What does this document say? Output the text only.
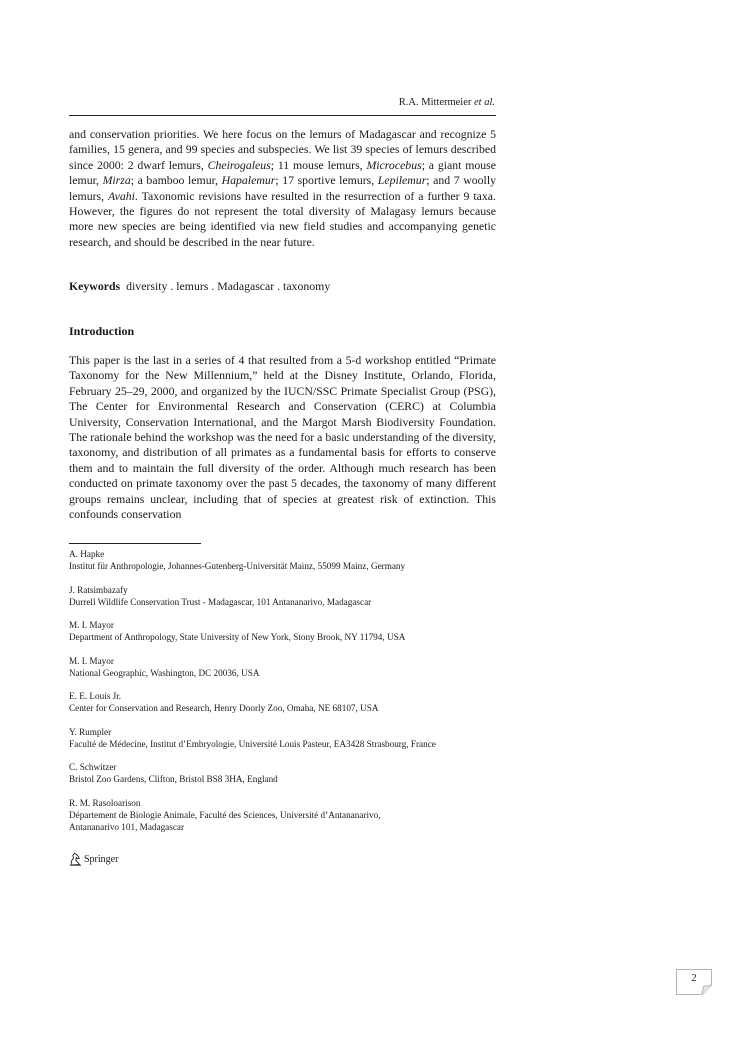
R.A. Mittermeier et al.
and conservation priorities. We here focus on the lemurs of Madagascar and recognize 5 families, 15 genera, and 99 species and subspecies. We list 39 species of lemurs described since 2000: 2 dwarf lemurs, Cheirogaleus; 11 mouse lemurs, Microcebus; a giant mouse lemur, Mirza; a bamboo lemur, Hapalemur; 17 sportive lemurs, Lepilemur; and 7 woolly lemurs, Avahi. Taxonomic revisions have resulted in the resurrection of a further 9 taxa. However, the figures do not represent the total diversity of Malagasy lemurs because more new species are being identified via new field studies and accompanying genetic research, and should be described in the near future.
Keywords diversity . lemurs . Madagascar . taxonomy
Introduction
This paper is the last in a series of 4 that resulted from a 5-d workshop entitled “Primate Taxonomy for the New Millennium,” held at the Disney Institute, Orlando, Florida, February 25–29, 2000, and organized by the IUCN/SSC Primate Specialist Group (PSG), The Center for Environmental Research and Conservation (CERC) at Columbia University, Conservation International, and the Margot Marsh Biodiversity Foundation. The rationale behind the workshop was the need for a basic understanding of the diversity, taxonomy, and distribution of all primates as a fundamental basis for efforts to conserve them and to maintain the full diversity of the order. Although much research has been conducted on primate taxonomy over the past 5 decades, the taxonomy of many different groups remains unclear, including that of species at greatest risk of extinction. This confounds conservation
A. Hapke
Institut für Anthropologie, Johannes-Gutenberg-Universität Mainz, 55099 Mainz, Germany
J. Ratsimbazafy
Durrell Wildlife Conservation Trust - Madagascar, 101 Antananarivo, Madagascar
M. I. Mayor
Department of Anthropology, State University of New York, Stony Brook, NY 11794, USA
M. I. Mayor
National Geographic, Washington, DC 20036, USA
E. E. Louis Jr.
Center for Conservation and Research, Henry Doorly Zoo, Omaha, NE 68107, USA
Y. Rumpler
Faculté de Médecine, Institut d’Embryologie, Université Louis Pasteur, EA3428 Strasbourg, France
C. Schwitzer
Bristol Zoo Gardens, Clifton, Bristol BS8 3HA, England
R. M. Rasoloarison
Département de Biologie Animale, Faculté des Sciences, Université d’Antananarivo,
Antananarivo 101, Madagascar
Springer
2
